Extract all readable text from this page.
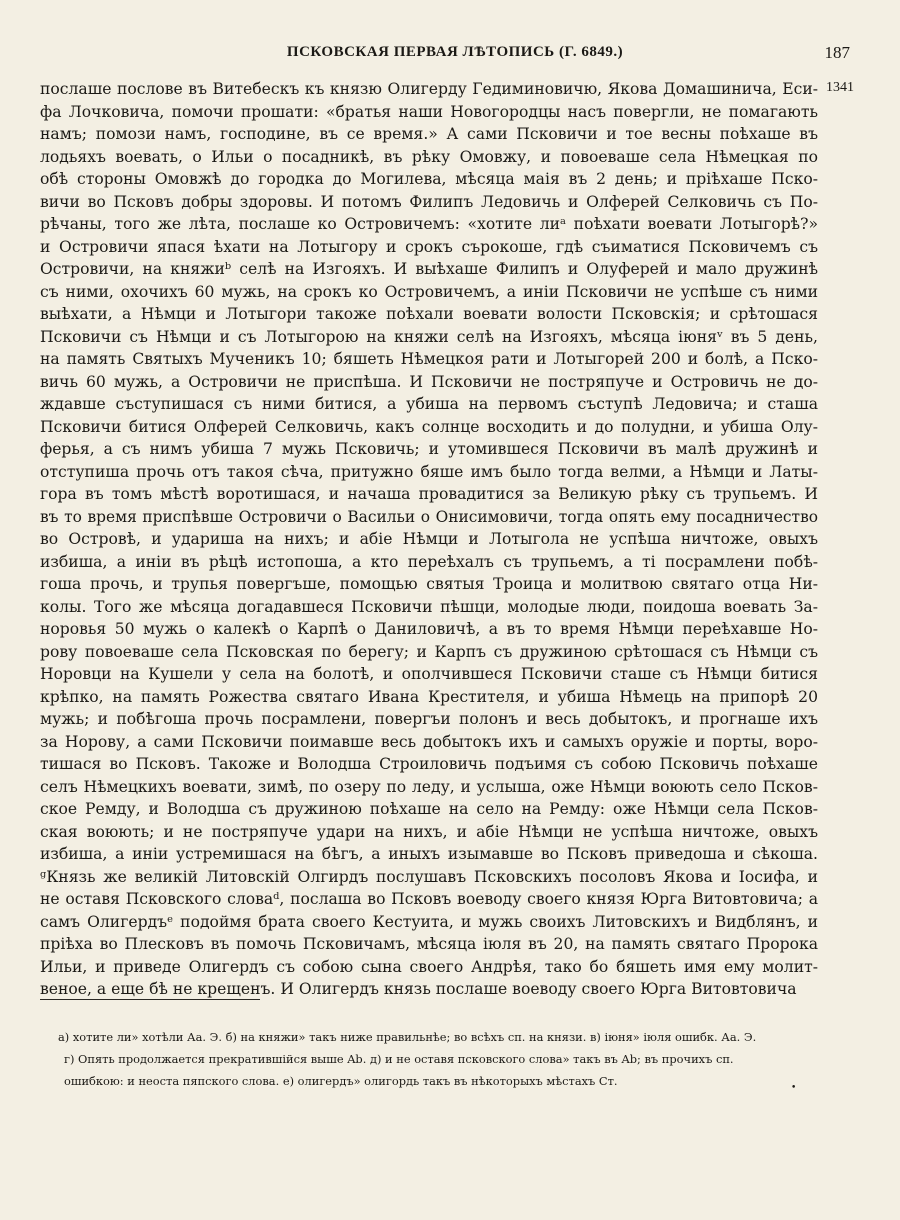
ПСКОВСКАЯ ПЕРВАЯ ЛѢТОПИСЬ (Г. 6849.)	187
1341
послаше послове въ Витебескъ къ князю Олигерду Гедиминовичю, Якова Домашинича, Еси-
фа Лочковича, помочи прошати: «братья наши Новогородцы насъ повергли, не помагають
намъ; помози намъ, господине, въ се время.» А сами Псковичи и тое весны поѣхаше въ
лодьяхъ воевать, о Ильи о посадникѣ, въ рѣку Омовжу, и повоеваше села Нѣмецкая по
обѣ стороны Омовжѣ до городка до Могилева, мѣсяца маія въ 2 день; и пріѣхаше Пско-
вичи во Псковъ добры здоровы. И потомъ Филипъ Ледовичь и Олферей Селковичь съ По-
рѣчаны, того же лѣта, послаше ко Островичемъ: «хотите лиᵃ поѣхати воевати Лотыгорѣ?»
и Островичи япася ѣхати на Лотыгору и срокъ сърокоше, гдѣ съиматися Псковичемъ съ
Островичи, на княжиᵇ селѣ на Изгояхъ. И выѣхаше Филипъ и Олуферей и мало дружинѣ
съ ними, охочихъ 60 мужь, на срокъ ко Островичемъ, а инiи Псковичи не успѣше съ ними
выѣхати, а Нѣмци и Лотыгори такоже поѣхали воевати волости Псковскія; и срѣтошася
Псковичи съ Нѣмци и съ Лотыгорою на княжи селѣ на Изгояхъ, мѣсяца іюняᵛ въ 5 день,
на память Святыхъ Мученикъ 10; бяшеть Нѣмецкоя рати и Лотыгорей 200 и болѣ, а Пско-
вичь 60 мужь, а Островичи не приспѣша. И Псковичи не постряпуче и Островичь не до-
ждавше съступишася съ ними битися, а убиша на первомъ съступѣ Ледовича; и сташа
Псковичи битися Олферей Селковичь, какъ солнце восходить и до полудни, и убиша Олу-
ферья, а съ нимъ убиша 7 мужь Псковичь; и утомившеся Псковичи въ малѣ дружинѣ и
отступиша прочь отъ такоя сѣча, притужно бяше имъ было тогда велми, а Нѣмци и Латы-
гора въ томъ мѣстѣ воротишася, и начаша провадитися за Великую рѣку съ трупьемъ. И
въ то время приспѣвше Островичи о Васильи о Онисимовичи, тогда опять ему посадничество
во Островѣ, и удариша на нихъ; и абіе Нѣмци и Лотыгола не успѣша ничтоже, овыхъ
избиша, а инiи въ рѣцѣ истопоша, а кто переѣхалъ съ трупьемъ, а тi посрамлени побѣ-
гоша прочь, и трупья повергъше, помощью святыя Троица и молитвою святаго отца Ни-
колы. Того же мѣсяца догадавшеся Псковичи пѣшци, молодые люди, поидоша воевать За-
норовья 50 мужь о калекѣ о Карпѣ о Даниловичѣ, а въ то время Нѣмци переѣхавше Но-
рову повоеваше села Псковская по берегу; и Карпъ съ дружиною срѣтошася съ Нѣмци съ
Норовци на Кушели у села на болотѣ, и ополчившеся Псковичи сташе съ Нѣмци битися
крѣпко, на память Рожества святаго Ивана Крестителя, и убиша Нѣмець на припорѣ 20
мужь; и побѣгоша прочь посрамлени, повергъи полонъ и весь добытокъ, и прогнаше ихъ
за Норову, а сами Псковичи поимавше весь добытокъ ихъ и самыхъ оружіе и порты, воро-
тишася во Псковъ. Такоже и Володша Строиловичь подъимя съ собою Псковичь поѣхаше
селъ Нѣмецкихъ воевати, зимѣ, по озеру по леду, и услыша, оже Нѣмци воюють село Псков-
ское Ремду, и Володша съ дружиною поѣхаше на село на Ремду: оже Нѣмци села Псков-
ская воюють; и не постряпуче удари на нихъ, и абіе Нѣмци не успѣша ничтоже, овыхъ
избиша, а инiи устремишася на бѣгъ, а иныхъ изымавше во Псковъ приведоша и сѣкоша.
ᵍКнязь же великій Литовскій Олгирдъ послушавъ Псковскихъ посоловъ Якова и Іосифа, и
не оставя Псковского словаᵈ, послаша во Псковъ воеводу своего князя Юрга Витовтовича; а
самъ Олигердъᵉ подоймя брата своего Кестуита, и мужь своихъ Литовскихъ и Видблянъ, и
пріѣха во Плесковъ въ помочь Псковичамъ, мѣсяца іюля въ 20, на память святаго Пророка
Ильи, и приведе Олигердъ съ собою сына своего Андрѣя, тако бо бяшеть имя ему молит-
веное, а еще бѣ не крещенъ. И Олигердъ князь послаше воеводу своего Юрга Витовтовича
а) хотите ли» хотѣли Аа. Э. б) на княжи» такъ ниже правильнѣе; во всѣхъ сп. на князи. в) іюня» іюля ошибк. Аа. Э.
г) Опять продолжается прекратившійся выше Ab. д) и не оставя псковского слова» такъ въ Ab; въ прочихъ сп.
ошибкою: и неоста пяпского слова. е) олигердъ» олигордь такъ въ нѣкоторыхъ мѣстахъ Ст.	•
